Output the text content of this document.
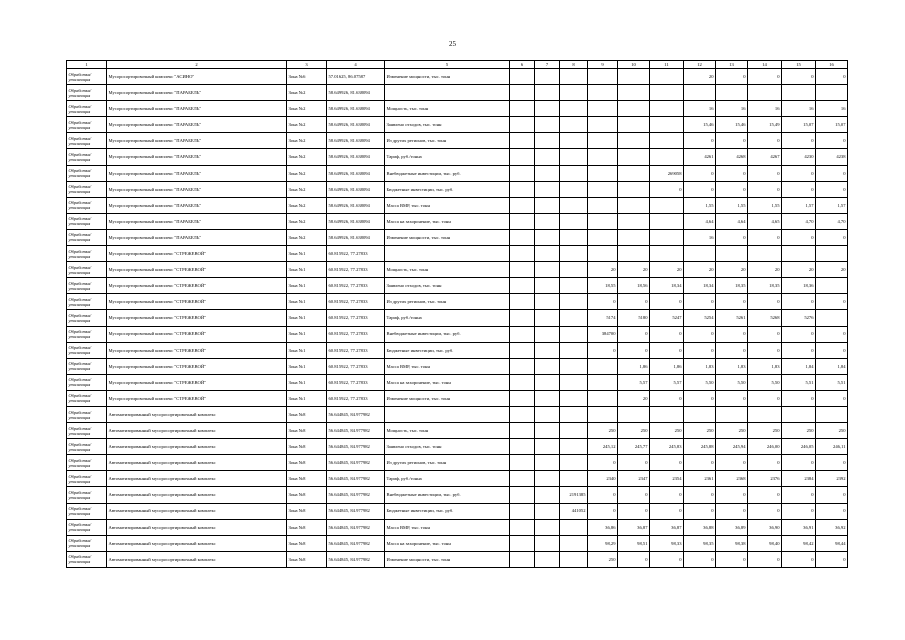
25
1	2	3	4	5	6	7	8	9	10	11	12	13	14	15	16
Обработка/ утилизация	Мусоросортировочный комплекс "АСИНО"	Зона №6	57.01625, 86.07587	Изменение мощности, тыс. тонн							20	0	0	0	0
Обработка/ утилизация	Мусоросортировочный комплекс "ПАРАБЕЛЬ"	Зона №2	58.649926, 81.638094												
Обработка/ утилизация	Мусоросортировочный комплекс "ПАРАБЕЛЬ"	Зона №2	58.649926, 81.638094	Мощность, тыс. тонн							16	16	16	16	16
Обработка/ утилизация	Мусоросортировочный комплекс "ПАРАБЕЛЬ"	Зона №2	58.649926, 81.638094	Заявлено отходов, тыс. тонн							15,46	15,46	15,49	15,07	15,07
Обработка/ утилизация	Мусоросортировочный комплекс "ПАРАБЕЛЬ"	Зона №2	58.649926, 81.638094	Из других регионов, тыс. тонн							0	0	0	0	0
Обработка/ утилизация	Мусоросортировочный комплекс "ПАРАБЕЛЬ"	Зона №2	58.649926, 81.638094	Тариф, руб./тонна							4261	4268	4267	4230	4238
Обработка/ утилизация	Мусоросортировочный комплекс "ПАРАБЕЛЬ"	Зона №2	58.649926, 81.638094	Внебюджетные инвестиции, тыс. руб.						269058	0	0	0	0	0
Обработка/ утилизация	Мусоросортировочный комплекс "ПАРАБЕЛЬ"	Зона №2	58.649926, 81.638094	Бюджетные инвестиции, тыс. руб.						0	0	0	0	0	0
Обработка/ утилизация	Мусоросортировочный комплекс "ПАРАБЕЛЬ"	Зона №2	58.649926, 81.638094	Масса ВМР, тыс. тонн							1,55	1,55	1,55	1,57	1,57
Обработка/ утилизация	Мусоросортировочный комплекс "ПАРАБЕЛЬ"	Зона №2	58.649926, 81.638094	Масса на захоронение, тыс. тонн							4,64	4,64	4,65	4,70	4,70
Обработка/ утилизация	Мусоросортировочный комплекс "ПАРАБЕЛЬ"	Зона №2	58.649926, 81.638094	Изменение мощности, тыс. тонн							16	0	0	0	0
Обработка/ утилизация	Мусоросортировочный комплекс "СТРЕЖЕВОЙ"	Зона №1	60.815922, 77.27833												
Обработка/ утилизация	Мусоросортировочный комплекс "СТРЕЖЕВОЙ"	Зона №1	60.815922, 77.27833	Мощность, тыс. тонн				20	20	20	20	20	20	20	20
Обработка/ утилизация	Мусоросортировочный комплекс "СТРЕЖЕВОЙ"	Зона №1	60.815922, 77.27833	Заявлено отходов, тыс. тонн				18,55	18,56	18,34	18,34	18,35	18,35	18,36	
Обработка/ утилизация	Мусоросортировочный комплекс "СТРЕЖЕВОЙ"	Зона №1	60.815922, 77.27833	Из других регионов, тыс. тонн				0	0	0	0	0	0	0	0
Обработка/ утилизация	Мусоросортировочный комплекс "СТРЕЖЕВОЙ"	Зона №1	60.815922, 77.27833	Тариф, руб./тонна				5174	5180	5247	5254	5261	5268	5276	
Обработка/ утилизация	Мусоросортировочный комплекс "СТРЕЖЕВОЙ"	Зона №1	60.815922, 77.27833	Внебюджетные инвестиции, тыс. руб.				384700	0	0	0	0	0	0	0
Обработка/ утилизация	Мусоросортировочный комплекс "СТРЕЖЕВОЙ"	Зона №1	60.815922, 77.27833	Бюджетные инвестиции, тыс. руб.				0	0	0	0	0	0	0	0
Обработка/ утилизация	Мусоросортировочный комплекс "СТРЕЖЕВОЙ"	Зона №1	60.815922, 77.27833	Масса ВМР, тыс. тонн					1,86	1,86	1,83	1,83	1,83	1,84	1,84
Обработка/ утилизация	Мусоросортировочный комплекс "СТРЕЖЕВОЙ"	Зона №1	60.815922, 77.27833	Масса на захоронение, тыс. тонн					5,57	5,57	5,50	5,50	5,50	5,51	5,51
Обработка/ утилизация	Мусоросортировочный комплекс "СТРЕЖЕВОЙ"	Зона №1	60.815922, 77.27833	Изменение мощности, тыс. тонн					20	0	0	0	0	0	0
Обработка/ утилизация	Автоматизированный мусоросортировочный комплекс	Зона №8	56.644845, 84.977982												
Обработка/ утилизация	Автоматизированный мусоросортировочный комплекс	Зона №8	56.644845, 84.977982	Мощность, тыс. тонн				250	250	250	250	250	250	250	250
Обработка/ утилизация	Автоматизированный мусоросортировочный комплекс	Зона №8	56.644845, 84.977982	Заявлено отходов, тыс. тонн				245,12	245,77	245,83	245,88	245,94	246,00	246,05	246,11
Обработка/ утилизация	Автоматизированный мусоросортировочный комплекс	Зона №8	56.644845, 84.977982	Из других регионов, тыс. тонн				0	0	0	0	0	0	0	0
Обработка/ утилизация	Автоматизированный мусоросортировочный комплекс	Зона №8	56.644845, 84.977982	Тариф, руб./тонна				2340	2347	2354	2361	2368	2376	2384	2392
Обработка/ утилизация	Автоматизированный мусоросортировочный комплекс	Зона №8	56.644845, 84.977982	Внебюджетные инвестиции, тыс. руб.			2191385	0	0	0	0	0	0	0	0
Обработка/ утилизация	Автоматизированный мусоросортировочный комплекс	Зона №8	56.644845, 84.977982	Бюджетные инвестиции, тыс. руб.			441052	0	0	0	0	0	0	0	0
Обработка/ утилизация	Автоматизированный мусоросортировочный комплекс	Зона №8	56.644845, 84.977982	Масса ВМР, тыс. тонн				36,86	36,87	36,87	36,88	36,89	36,90	36,91	36,92
Обработка/ утилизация	Автоматизированный мусоросортировочный комплекс	Зона №8	56.644845, 84.977982	Масса на захоронение, тыс. тонн				98,29	98,51	98,33	98,35	98,38	98,40	98,42	98,44
Обработка/ утилизация	Автоматизированный мусоросортировочный комплекс	Зона №8	56.644845, 84.977982	Изменение мощности, тыс. тонн				250	0	0	0	0	0	0	0
